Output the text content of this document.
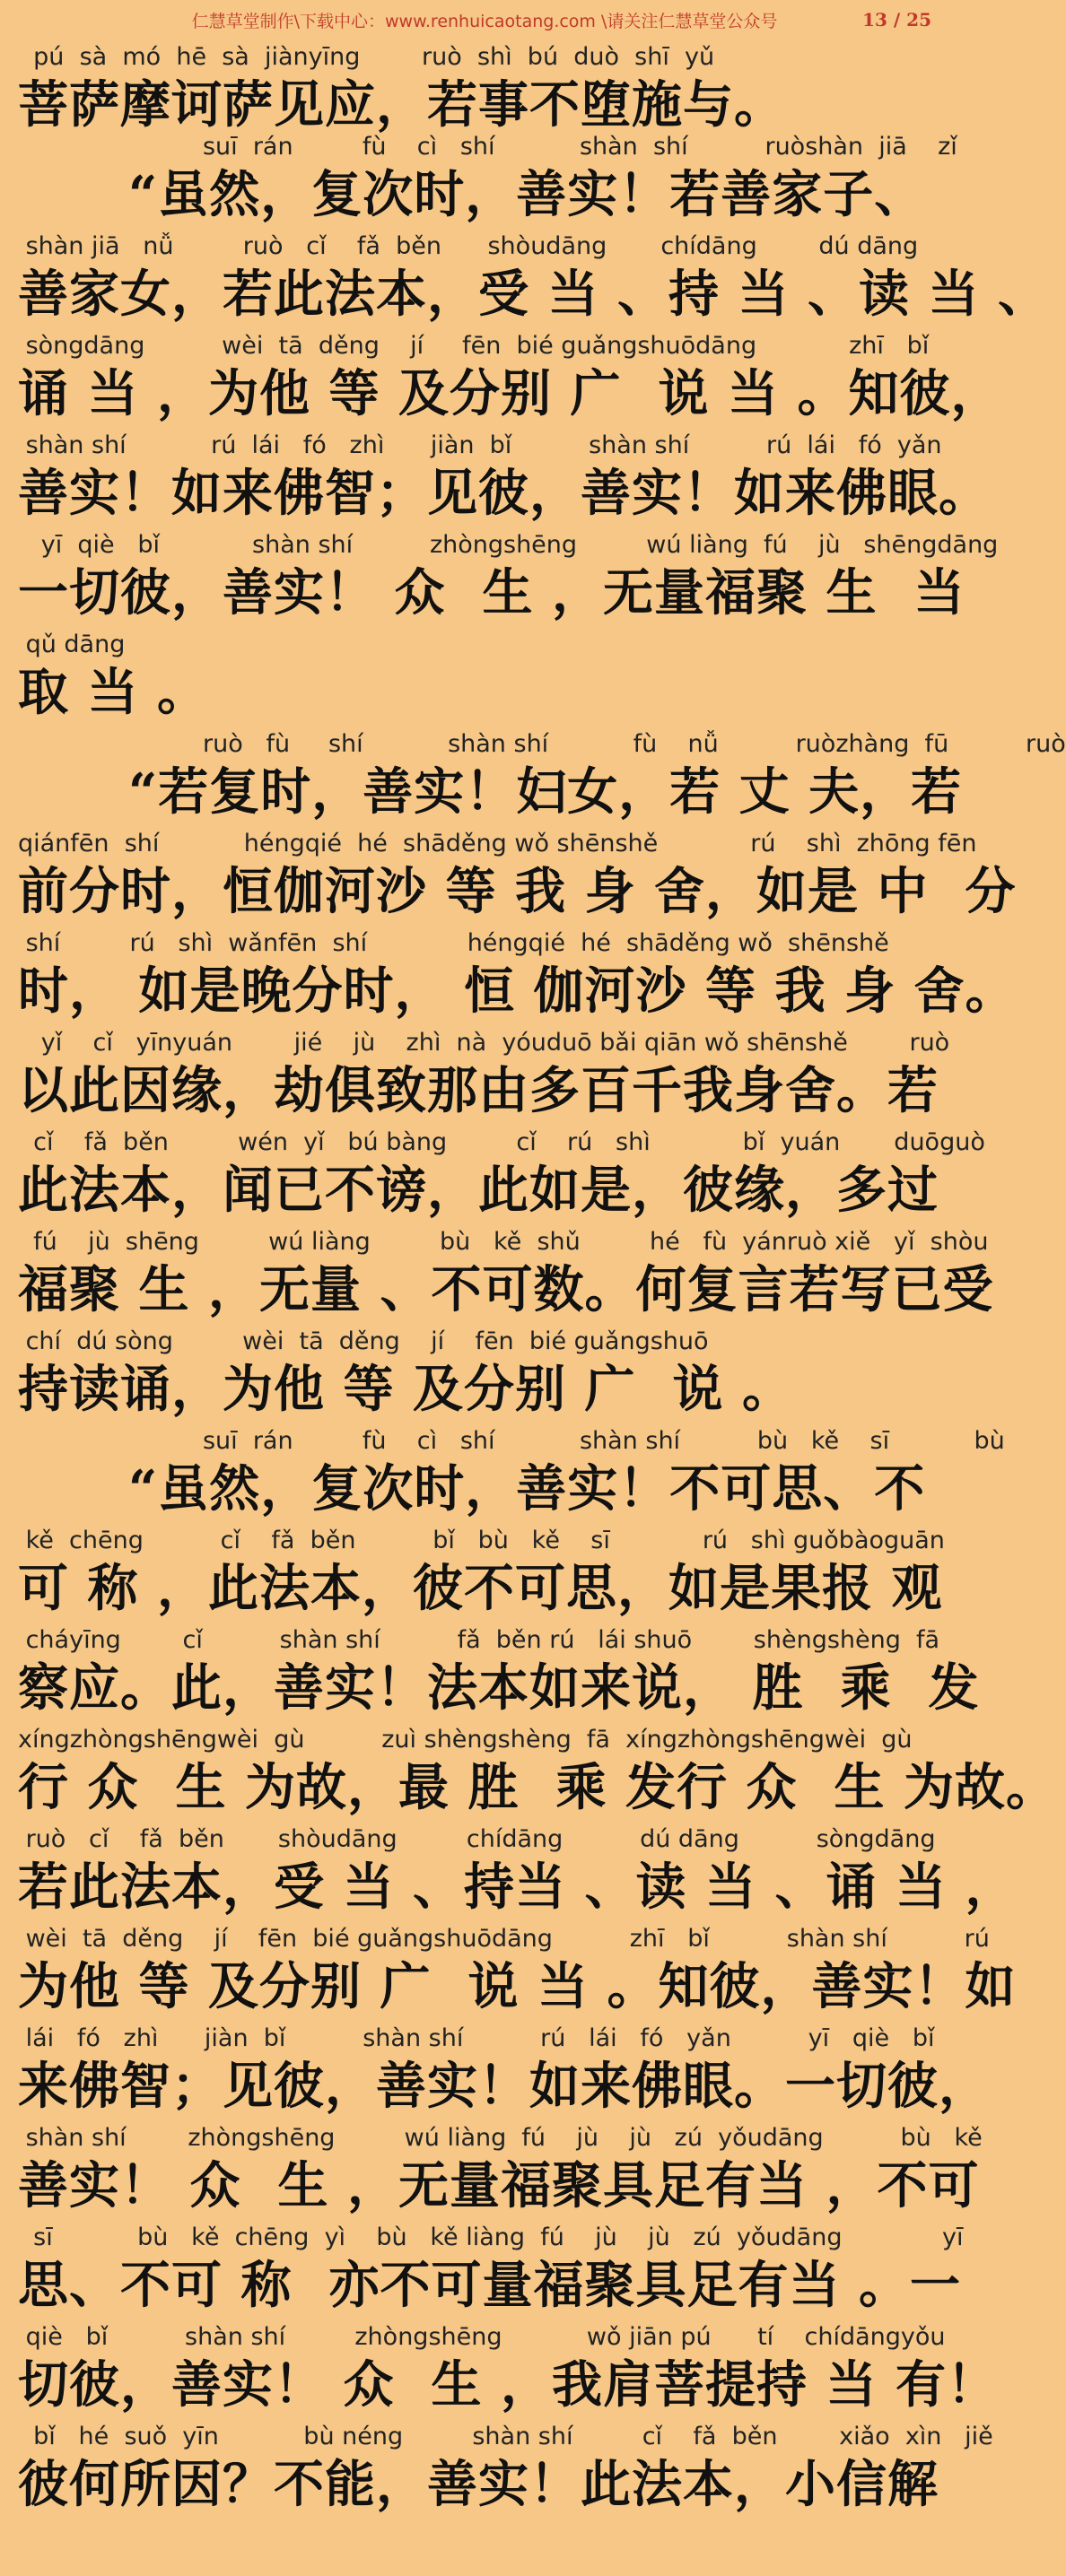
仁慧草堂制作\下载中心：www.renhuicaotang.com \请关注仁慧草堂公众号	13 / 25
pú  sà  mó  hē  sà  jiànyīng        ruò  shì  bú  duò  shī  yǔ
菩萨摩诃萨见应，若事不堕施与。
suī  rán         fù    cì   shí           shàn  shí          ruòshàn  jiā    zǐ
“虽然，复次时，善实！若善家子、
shàn jiā   nǚ         ruò   cǐ    fǎ  běn      shòudāng       chídāng        dú dāng
善家女，若此法本，受 当 、持 当 、读 当 、
sòngdāng          wèi  tā  děng    jí     fēn  bié guǎngshuōdāng            zhī   bǐ
诵 当 ，为他 等 及分别 广  说 当 。知彼，
shàn shí           rú  lái   fó   zhì      jiàn  bǐ          shàn shí          rú  lái   fó  yǎn
善实！如来佛智；见彼，善实！如来佛眼。
yī  qiè   bǐ            shàn shí          zhòngshēng         wú liàng  fú    jù   shēngdāng
一切彼，善实！ 众  生 ，无量福聚 生  当
qǔ dāng
取 当 。
ruò   fù     shí           shàn shí           fù    nǚ          ruòzhàng  fū          ruò
“若复时，善实！妇女，若 丈 夫，若
qiánfēn  shí           héngqié  hé  shāděng wǒ shēnshě            rú    shì  zhōng fēn
前分时，恒伽河沙 等 我 身 舍，如是 中  分
shí         rú   shì  wǎnfēn  shí             héngqié  hé  shāděng wǒ  shēnshě
时， 如是晚分时， 恒 伽河沙 等 我 身 舍。
yǐ    cǐ   yīnyuán        jié    jù    zhì  nà  yóuduō bǎi qiān wǒ shēnshě        ruò
以此因缘，劫俱致那由多百千我身舍。若
cǐ    fǎ  běn         wén  yǐ   bú bàng         cǐ    rú   shì            bǐ  yuán       duōguò
此法本，闻已不谤，此如是，彼缘，多过
fú    jù  shēng         wú liàng         bù   kě  shǔ         hé   fù  yánruò xiě   yǐ  shòu
福聚 生 ，无量 、不可数。何复言若写已受
chí  dú sòng         wèi  tā  děng    jí    fēn  bié guǎngshuō
持读诵，为他 等 及分别 广  说 。
suī  rán         fù    cì   shí           shàn shí          bù   kě    sī           bù
“虽然，复次时，善实！不可思、不
kě  chēng          cǐ    fǎ  běn          bǐ   bù   kě    sī            rú   shì guǒbàoguān
可 称 ，此法本，彼不可思，如是果报 观
cháyīng        cǐ          shàn shí          fǎ  běn rú   lái shuō        shèngshèng  fā
察应。此，善实！法本如来说， 胜  乘  发
xíngzhòngshēngwèi  gù          zuì shèngshèng  fā  xíngzhòngshēngwèi  gù
行 众  生 为故，最 胜  乘 发行 众  生 为故。
ruò   cǐ    fǎ  běn       shòudāng         chídāng          dú dāng          sòngdāng
若此法本，受 当 、持当 、读 当 、诵 当 ，
wèi  tā  děng    jí    fēn  bié guǎngshuōdāng          zhī   bǐ          shàn shí          rú
为他 等 及分别 广  说 当 。知彼，善实！如
lái   fó   zhì      jiàn  bǐ          shàn shí          rú   lái   fó   yǎn          yī   qiè   bǐ
来佛智；见彼，善实！如来佛眼。一切彼，
shàn shí        zhòngshēng         wú liàng  fú    jù    jù   zú  yǒudāng          bù   kě
善实！ 众  生 ，无量福聚具足有当 ，不可
sī           bù   kě  chēng  yì    bù   kě liàng  fú    jù    jù   zú  yǒudāng             yī
思、不可 称  亦不可量福聚具足有当 。一
qiè   bǐ          shàn shí         zhòngshēng           wǒ jiān pú      tí    chídāngyǒu
切彼，善实！ 众  生 ，我肩菩提持 当 有！
bǐ   hé  suǒ  yīn           bù néng         shàn shí         cǐ    fǎ  běn        xiǎo  xìn   jiě
彼何所因？不能，善实！此法本，小信解
